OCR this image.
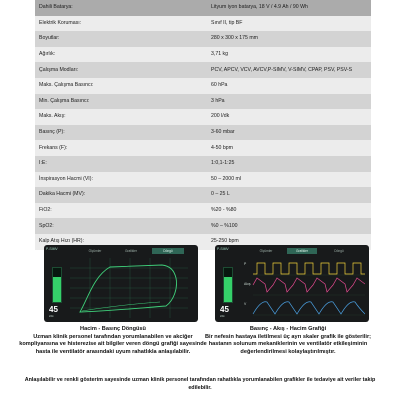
Dahili Batarya:	Lityum iyon batarya, 18 V / 4.9 Ah / 90 Wh
Elektrik Koruması:	Sınıf II, tip BF
Boyutlar:	280 x 300 x 175 mm
Ağırlık:	3,71 kg
Çalışma Modları:	PCV, APCV, VCV, AVCV,P-SIMV, V-SIMV, CPAP, PSV, PSV-S
Maks. Çalışma Basıncı:	60 hPa
Min. Çalışma Basıncı:	3 hPa
Maks. Akış:	200 l/dk
Basınç (P):	3-60 mbar
Frekans (F):	4-50 bpm
I:E:	1:0,1-1:25
İnspirasyon Hacmi (VI):	50 – 2000 ml
Dakika Hacmi (MV):	0 – 25 L
FiO2:	%20 - %80
SpO2:	%0 – %100
Kalp Atış Hızı (HR):	25-250 bpm
P-SIMV	Ölçümler	Grafikler	Döngü
45
l/dk
P-SIMV	Ölçümler	Grafikler	Döngü
45
l/dk
P
Akış
V
Hacim - Basınç Döngüsü
Uzman klinik personel tarafından yorumlanabilen ve akciğer kompliyansına ve histerezise ait bilgiler veren döngü grafiği sayesinde hasta ile ventilatör arasındaki uyum rahatlıkla anlaşılabilir.
Basınç - Akış - Hacim Grafiği
Bir nefesin hastaya iletilmesi üç ayrı skaler grafik ile gösterilir; hastanın solunum mekaniklerinin ve ventilatör etkileşiminin değerlendirilmesi kolaylaştırılmıştır.
Anlaşılabilir ve renkli gösterim sayesinde uzman klinik personel tarafından rahatlıkla yorumlanabilen grafikler ile tedaviye ait veriler takip edilebilir.
